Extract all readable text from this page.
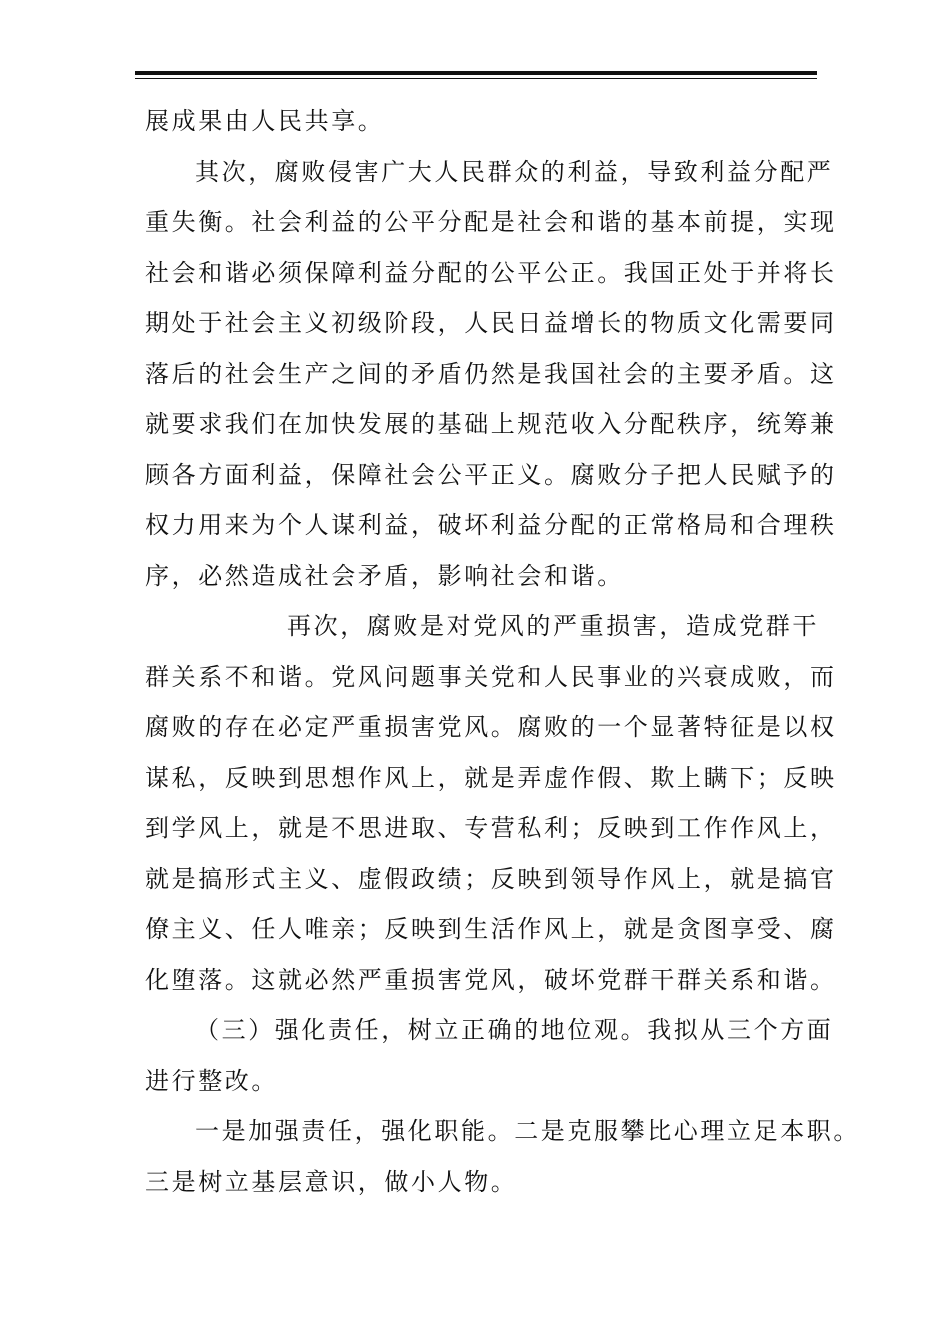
展成果由人民共享。
其次，腐败侵害广大人民群众的利益，导致利益分配严
重失衡。社会利益的公平分配是社会和谐的基本前提，实现
社会和谐必须保障利益分配的公平公正。我国正处于并将长
期处于社会主义初级阶段，人民日益增长的物质文化需要同
落后的社会生产之间的矛盾仍然是我国社会的主要矛盾。这
就要求我们在加快发展的基础上规范收入分配秩序，统筹兼
顾各方面利益，保障社会公平正义。腐败分子把人民赋予的
权力用来为个人谋利益，破坏利益分配的正常格局和合理秩
序，必然造成社会矛盾，影响社会和谐。
再次，腐败是对党风的严重损害，造成党群干
群关系不和谐。党风问题事关党和人民事业的兴衰成败，而
腐败的存在必定严重损害党风。腐败的一个显著特征是以权
谋私，反映到思想作风上，就是弄虚作假、欺上瞒下；反映
到学风上，就是不思进取、专营私利；反映到工作作风上，
就是搞形式主义、虚假政绩；反映到领导作风上，就是搞官
僚主义、任人唯亲；反映到生活作风上，就是贪图享受、腐
化堕落。这就必然严重损害党风，破坏党群干群关系和谐。
（三）强化责任，树立正确的地位观。我拟从三个方面
进行整改。
一是加强责任，强化职能。二是克服攀比心理立足本职。
三是树立基层意识，做小人物。
